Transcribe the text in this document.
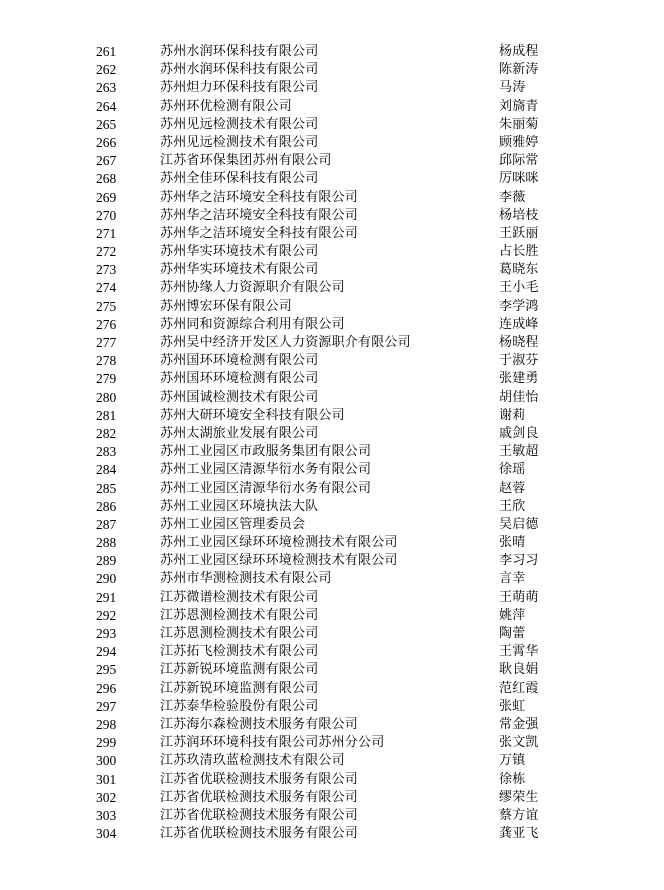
261	苏州水润环保科技有限公司	杨成程
262	苏州水润环保科技有限公司	陈新涛
263	苏州炟力环保科技有限公司	马涛
264	苏州环优检测有限公司	刘旖青
265	苏州见远检测技术有限公司	朱丽菊
266	苏州见远检测技术有限公司	顾雅婷
267	江苏省环保集团苏州有限公司	邱际常
268	苏州全佳环保科技有限公司	厉咪咪
269	苏州华之洁环境安全科技有限公司	李薇
270	苏州华之洁环境安全科技有限公司	杨培枝
271	苏州华之洁环境安全科技有限公司	王跃丽
272	苏州华实环境技术有限公司	占长胜
273	苏州华实环境技术有限公司	葛晓东
274	苏州协缘人力资源职介有限公司	王小毛
275	苏州博宏环保有限公司	李学鸿
276	苏州同和资源综合利用有限公司	连成峰
277	苏州吴中经济开发区人力资源职介有限公司	杨晓程
278	苏州国环环境检测有限公司	于淑芬
279	苏州国环环境检测有限公司	张建勇
280	苏州国诚检测技术有限公司	胡佳怡
281	苏州大研环境安全科技有限公司	谢莉
282	苏州太湖旅业发展有限公司	戚剑良
283	苏州工业园区市政服务集团有限公司	王敏超
284	苏州工业园区清源华衍水务有限公司	徐瑶
285	苏州工业园区清源华衍水务有限公司	赵蓉
286	苏州工业园区环境执法大队	王欣
287	苏州工业园区管理委员会	吴启德
288	苏州工业园区绿环环境检测技术有限公司	张晴
289	苏州工业园区绿环环境检测技术有限公司	李习习
290	苏州市华测检测技术有限公司	言幸
291	江苏微谱检测技术有限公司	王萌萌
292	江苏恩测检测技术有限公司	姚萍
293	江苏恩测检测技术有限公司	陶蕾
294	江苏拓飞检测技术有限公司	王霄华
295	江苏新锐环境监测有限公司	耿良娟
296	江苏新锐环境监测有限公司	范红霞
297	江苏泰华检验股份有限公司	张虹
298	江苏海尔森检测技术服务有限公司	常金强
299	江苏润环环境科技有限公司苏州分公司	张文凯
300	江苏玖清玖蓝检测技术有限公司	万镇
301	江苏省优联检测技术服务有限公司	徐栋
302	江苏省优联检测技术服务有限公司	缪荣生
303	江苏省优联检测技术服务有限公司	蔡方谊
304	江苏省优联检测技术服务有限公司	龚亚飞
